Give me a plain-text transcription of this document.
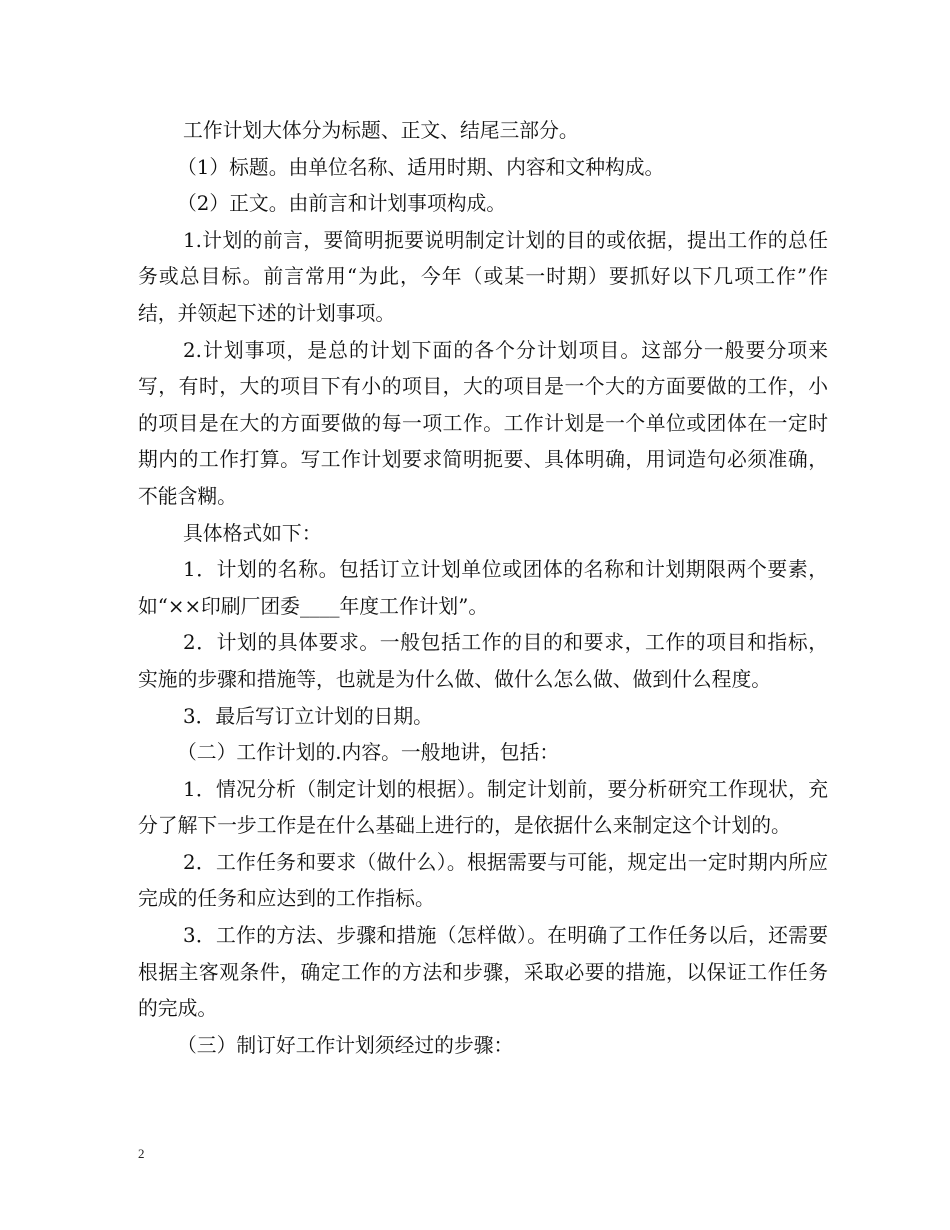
工作计划大体分为标题、正文、结尾三部分。

（1）标题。由单位名称、适用时期、内容和文种构成。

（2）正文。由前言和计划事项构成。

1.计划的前言，要简明扼要说明制定计划的目的或依据，提出工作的总任务或总目标。前言常用“为此，今年（或某一时期）要抓好以下几项工作”作结，并领起下述的计划事项。

2.计划事项，是总的计划下面的各个分计划项目。这部分一般要分项来写，有时，大的项目下有小的项目，大的项目是一个大的方面要做的工作，小的项目是在大的方面要做的每一项工作。工作计划是一个单位或团体在一定时期内的工作打算。写工作计划要求简明扼要、具体明确，用词造句必须准确，不能含糊。

具体格式如下：

1．计划的名称。包括订立计划单位或团体的名称和计划期限两个要素，如“××印刷厂团委____年度工作计划”。

2．计划的具体要求。一般包括工作的目的和要求，工作的项目和指标，实施的步骤和措施等，也就是为什么做、做什么怎么做、做到什么程度。

3．最后写订立计划的日期。

（二）工作计划的.内容。一般地讲，包括：

1．情况分析（制定计划的根据）。制定计划前，要分析研究工作现状，充分了解下一步工作是在什么基础上进行的，是依据什么来制定这个计划的。

2．工作任务和要求（做什么）。根据需要与可能，规定出一定时期内所应完成的任务和应达到的工作指标。

3．工作的方法、步骤和措施（怎样做）。在明确了工作任务以后，还需要根据主客观条件，确定工作的方法和步骤，采取必要的措施，以保证工作任务的完成。

（三）制订好工作计划须经过的步骤：

2
